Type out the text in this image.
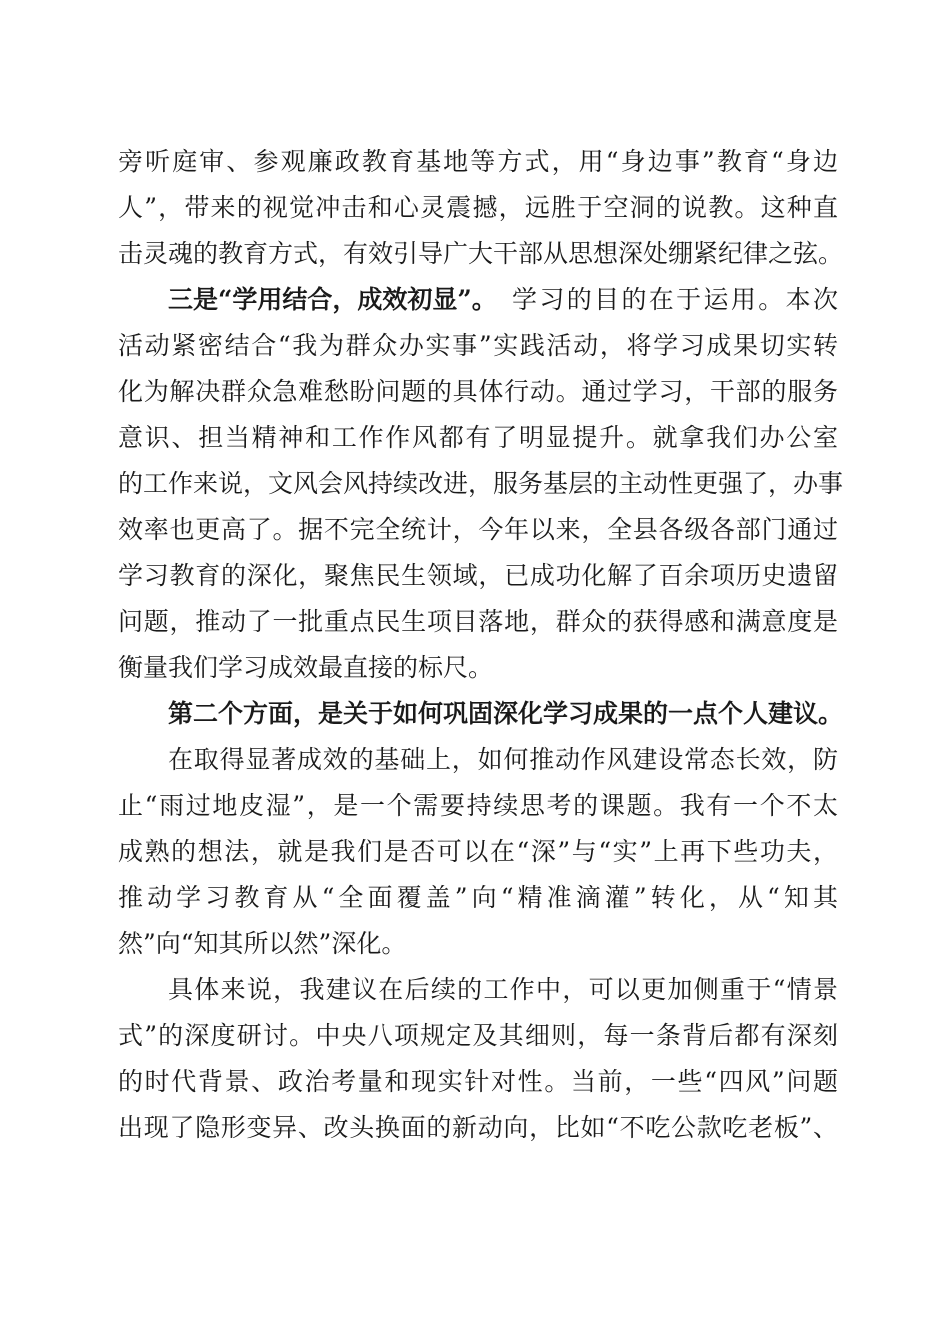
旁听庭审、参观廉政教育基地等方式，用“身边事”教育“身边
人”，带来的视觉冲击和心灵震撼，远胜于空洞的说教。这种直
击灵魂的教育方式，有效引导广大干部从思想深处绷紧纪律之弦。
三是“学用结合，成效初显”。 学习的目的在于运用。本次
活动紧密结合“我为群众办实事”实践活动，将学习成果切实转
化为解决群众急难愁盼问题的具体行动。通过学习，干部的服务
意识、担当精神和工作作风都有了明显提升。就拿我们办公室
的工作来说，文风会风持续改进，服务基层的主动性更强了，办事
效率也更高了。据不完全统计，今年以来，全县各级各部门通过
学习教育的深化，聚焦民生领域，已成功化解了百余项历史遗留
问题，推动了一批重点民生项目落地，群众的获得感和满意度是
衡量我们学习成效最直接的标尺。
第二个方面，是关于如何巩固深化学习成果的一点个人建议。
在取得显著成效的基础上，如何推动作风建设常态长效，防
止“雨过地皮湿”，是一个需要持续思考的课题。我有一个不太
成熟的想法，就是我们是否可以在“深”与“实”上再下些功夫，
推动学习教育从“全面覆盖”向“精准滴灌”转化，从“知其
然”向“知其所以然”深化。
具体来说，我建议在后续的工作中，可以更加侧重于“情景
式”的深度研讨。中央八项规定及其细则，每一条背后都有深刻
的时代背景、政治考量和现实针对性。当前，一些“四风”问题
出现了隐形变异、改头换面的新动向，比如“不吃公款吃老板”、
